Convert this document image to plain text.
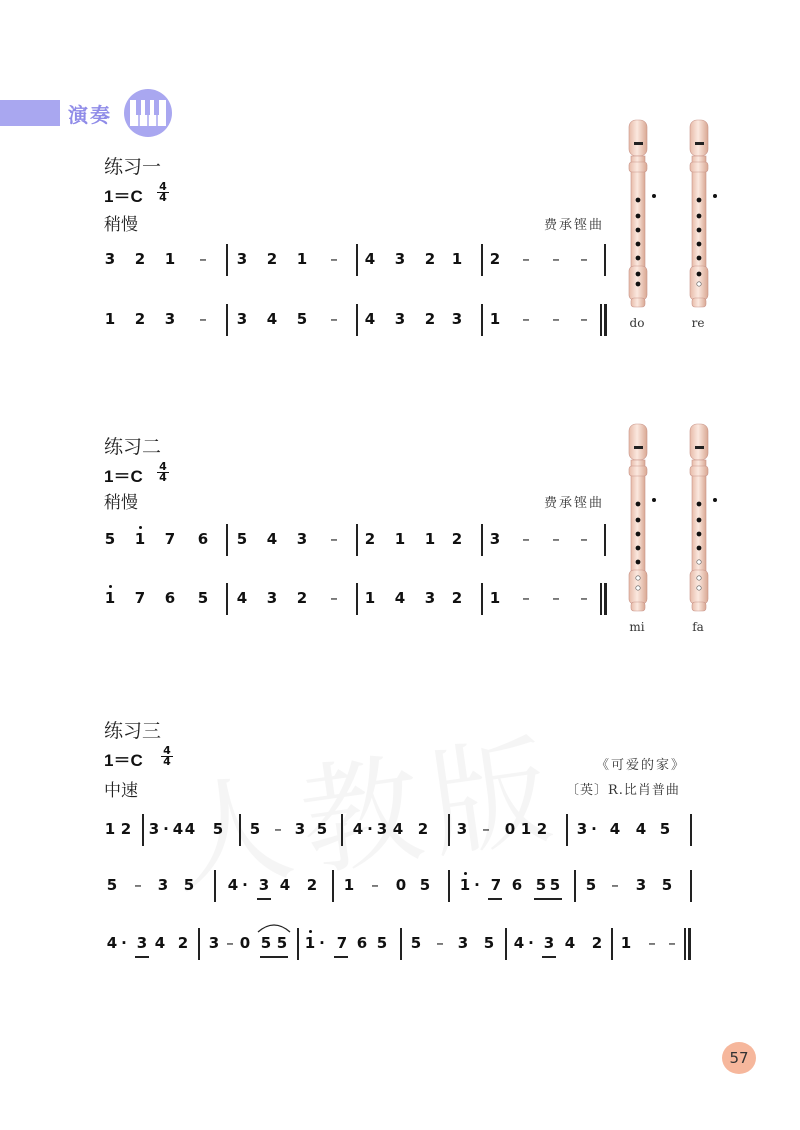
演奏
练习一
1＝C
4
4
稍慢	费承铿曲
3 2 1 – 3 2 1 – 4 3 2 1 2 – – –
1 2 3 – 3 4 5 – 4 3 2 3 1 – – –
练习二
1＝C
4
4
稍慢	费承铿曲
5 1 7 6 5 4 3 – 2 1 1 2 3 – – –
1 7 6 5 4 3 2 – 1 4 3 2 1 – – –
练习三
1＝C
4
4
中速
《可爱的家》
〔英〕R.比肖普曲
1 2 3 · 4 4 5 5 – 3 5 4 · 3 4 2 3 – 0 1 2 3 · 4 4 5
5 – 3 5 4 · 3 4 2 1 – 0 5 1 · 7 6 5 5 5 – 3 5
4 · 3 4 2 3 – 0 5 5 1 · 7 6 5 5 – 3 5 4 · 3 4 2 1 – –
do	re
mi	fa
57
